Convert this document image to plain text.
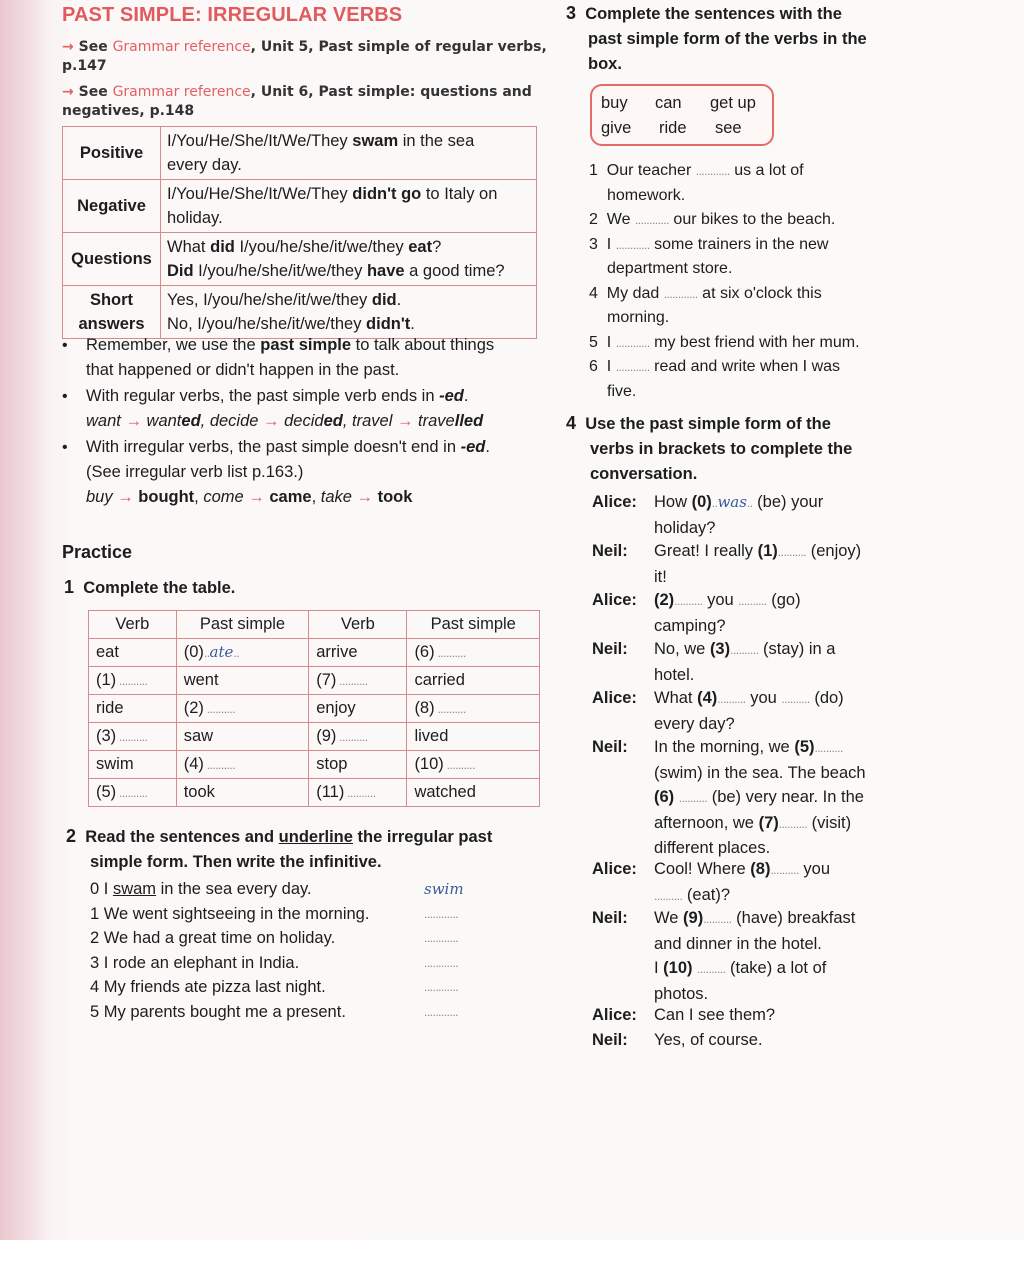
PAST SIMPLE: IRREGULAR VERBS
→ See Grammar reference, Unit 5, Past simple of regular verbs,
p.147
→ See Grammar reference, Unit 6, Past simple: questions and
negatives, p.148
Positive	I/You/He/She/It/We/They swam in the sea
every day.
Negative	I/You/He/She/It/We/They didn't go to Italy on
holiday.
Questions	What did I/you/he/she/it/we/they eat?
Did I/you/he/she/it/we/they have a good time?
Short
answers	Yes, I/you/he/she/it/we/they did.
No, I/you/he/she/it/we/they didn't.
• Remember, we use the past simple to talk about things
that happened or didn't happen in the past.
• With regular verbs, the past simple verb ends in -ed.
want → wanted, decide → decided, travel → travelled
• With irregular verbs, the past simple doesn't end in -ed.
(See irregular verb list p.163.)
buy → bought, come → came, take → took
Practice
1 Complete the table.
Verb	Past simple	Verb	Past simple
eat	(0)..ate..	arrive	(6) ..........
(1) ..........	went	(7) ..........	carried
ride	(2) ..........	enjoy	(8) ..........
(3) ..........	saw	(9) ..........	lived
swim	(4) ..........	stop	(10) ..........
(5) ..........	took	(11) ..........	watched
2 Read the sentences and underline the irregular past
simple form. Then write the infinitive.
0 I swam in the sea every day.	swim
1 We went sightseeing in the morning.	............
2 We had a great time on holiday.	............
3 I rode an elephant in India.	............
4 My friends ate pizza last night.	............
5 My parents bought me a present.	............
3 Complete the sentences with the
past simple form of the verbs in the
box.
buy can get up
give ride see
1  Our teacher ............ us a lot of
homework.
2  We ............ our bikes to the beach.
3  I ............ some trainers in the new
department store.
4  My dad ............ at six o'clock this
morning.
5  I ............ my best friend with her mum.
6  I ............ read and write when I was
five.
4 Use the past simple form of the
verbs in brackets to complete the
conversation.
Alice: How (0)..was.. (be) your
holiday?
Neil: Great! I really (1).......... (enjoy)
it!
Alice: (2).......... you .......... (go)
camping?
Neil: No, we (3).......... (stay) in a
hotel.
Alice: What (4).......... you .......... (do)
every day?
Neil: In the morning, we (5)..........
(swim) in the sea. The beach
(6) .......... (be) very near. In the
afternoon, we (7).......... (visit)
different places.
Alice: Cool! Where (8).......... you
.......... (eat)?
Neil: We (9).......... (have) breakfast
and dinner in the hotel.
I (10) .......... (take) a lot of
photos.
Alice: Can I see them?
Neil: Yes, of course.
